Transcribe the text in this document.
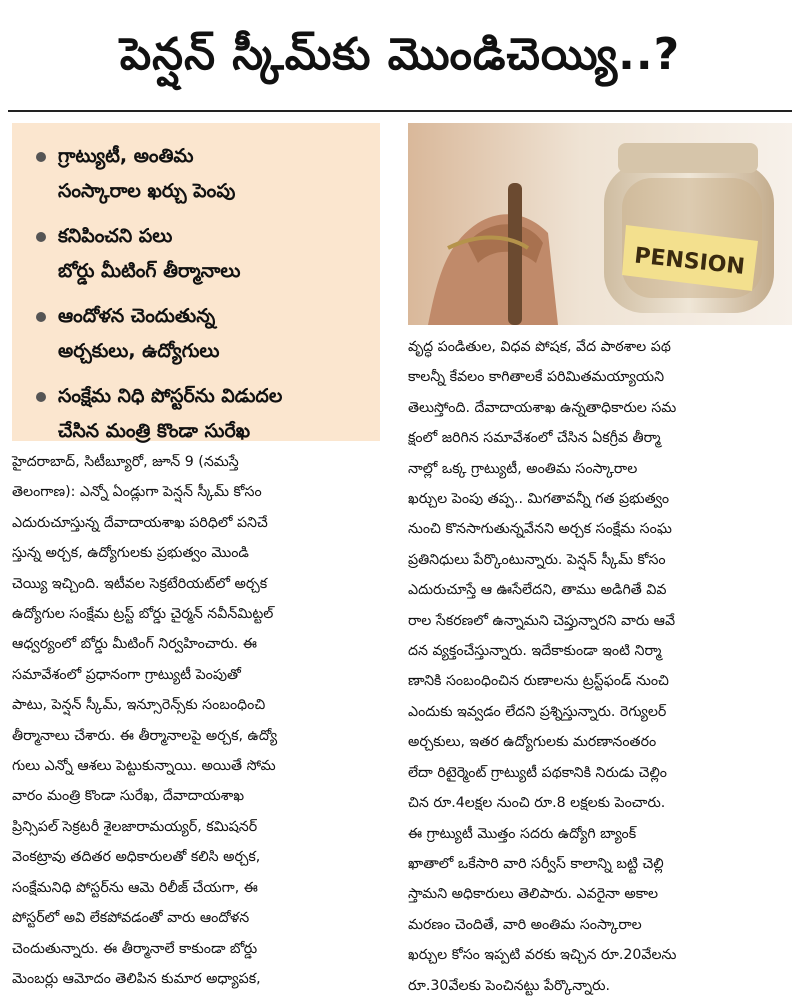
పెన్షన్ స్కీమ్‌కు మొండిచెయ్యి..?
గ్రాట్యుటీ, అంతిమ
సంస్కారాల ఖర్చు పెంపు
కనిపించని పలు
బోర్డు మీటింగ్ తీర్మానాలు
ఆందోళన చెందుతున్న
అర్చకులు, ఉద్యోగులు
సంక్షేమ నిధి పోస్టర్‌ను విడుదల
చేసిన మంత్రి కొండా సురేఖ
PENSION
హైదరాబాద్, సిటీబ్యూరో, జూన్ 9 (నమస్తే
తెలంగాణ): ఎన్నో ఏండ్లుగా పెన్షన్ స్కీమ్ కోసం
ఎదురుచూస్తున్న దేవాదాయశాఖ పరిధిలో పనిచే
స్తున్న అర్చక, ఉద్యోగులకు ప్రభుత్వం మొండి
చెయ్యి ఇచ్చింది. ఇటీవల సెక్రటేరియట్‌లో అర్చక
ఉద్యోగుల సంక్షేమ ట్రస్ట్ బోర్డు చైర్మన్ నవీన్‌మిట్టల్
ఆధ్వర్యంలో బోర్డు మీటింగ్ నిర్వహించారు. ఈ
సమావేశంలో ప్రధానంగా గ్రాట్యుటీ పెంపుతో
పాటు, పెన్షన్ స్కీమ్, ఇన్సూరెన్స్‌కు సంబంధించి
తీర్మానాలు చేశారు. ఈ తీర్మానాలపై అర్చక, ఉద్యో
గులు ఎన్నో ఆశలు పెట్టుకున్నాయి. అయితే సోమ
వారం మంత్రి కొండా సురేఖ, దేవాదాయశాఖ
ప్రిన్సిపల్ సెక్రటరీ శైలజారామయ్యర్, కమిషనర్
వెంకట్రావు తదితర అధికారులతో కలిసి అర్చక,
సంక్షేమనిధి పోస్టర్‌ను ఆమె రిలీజ్ చేయగా, ఈ
పోస్టర్‌లో అవి లేకపోవడంతో వారు ఆందోళన
చెందుతున్నారు. ఈ తీర్మానాలే కాకుండా బోర్డు
మెంబర్లు ఆమోదం తెలిపిన కుమార అధ్యాపక,
వృద్ధ పండితుల, విధవ పోషక, వేద పాఠశాల పథ
కాలన్నీ కేవలం కాగితాలకే పరిమితమయ్యాయని
తెలుస్తోంది. దేవాదాయశాఖ ఉన్నతాధికారుల సమ
క్షంలో జరిగిన సమావేశంలో చేసిన ఏకగ్రీవ తీర్మా
నాల్లో ఒక్క గ్రాట్యుటీ, అంతిమ సంస్కారాల
ఖర్చుల పెంపు తప్ప.. మిగతావన్నీ గత ప్రభుత్వం
నుంచి కొనసాగుతున్నవేనని అర్చక సంక్షేమ సంఘ
ప్రతినిధులు పేర్కొంటున్నారు. పెన్షన్ స్కీమ్ కోసం
ఎదురుచూస్తే ఆ ఊసేలేదని, తాము అడిగితే వివ
రాల సేకరణలో ఉన్నామని చెప్తున్నారని వారు ఆవే
దన వ్యక్తంచేస్తున్నారు. ఇదేకాకుండా ఇంటి నిర్మా
ణానికి సంబంధించిన రుణాలను ట్రస్ట్‌ఫండ్ నుంచి
ఎందుకు ఇవ్వడం లేదని ప్రశ్నిస్తున్నారు. రెగ్యులర్
అర్చకులు, ఇతర ఉద్యోగులకు మరణానంతరం
లేదా రిటైర్మెంట్ గ్రాట్యుటీ పథకానికి నిరుడు చెల్లిం
చిన రూ.4లక్షల నుంచి రూ.8 లక్షలకు పెంచారు.
ఈ గ్రాట్యుటీ మొత్తం సదరు ఉద్యోగి బ్యాంక్
ఖాతాలో ఒకేసారి వారి సర్వీస్ కాలాన్ని బట్టి చెల్లి
స్తామని అధికారులు తెలిపారు. ఎవరైనా అకాల
మరణం చెందితే, వారి అంతిమ సంస్కారాల
ఖర్చుల కోసం ఇప్పటి వరకు ఇచ్చిన రూ.20వేలను
రూ.30వేలకు పెంచినట్టు పేర్కొన్నారు.
